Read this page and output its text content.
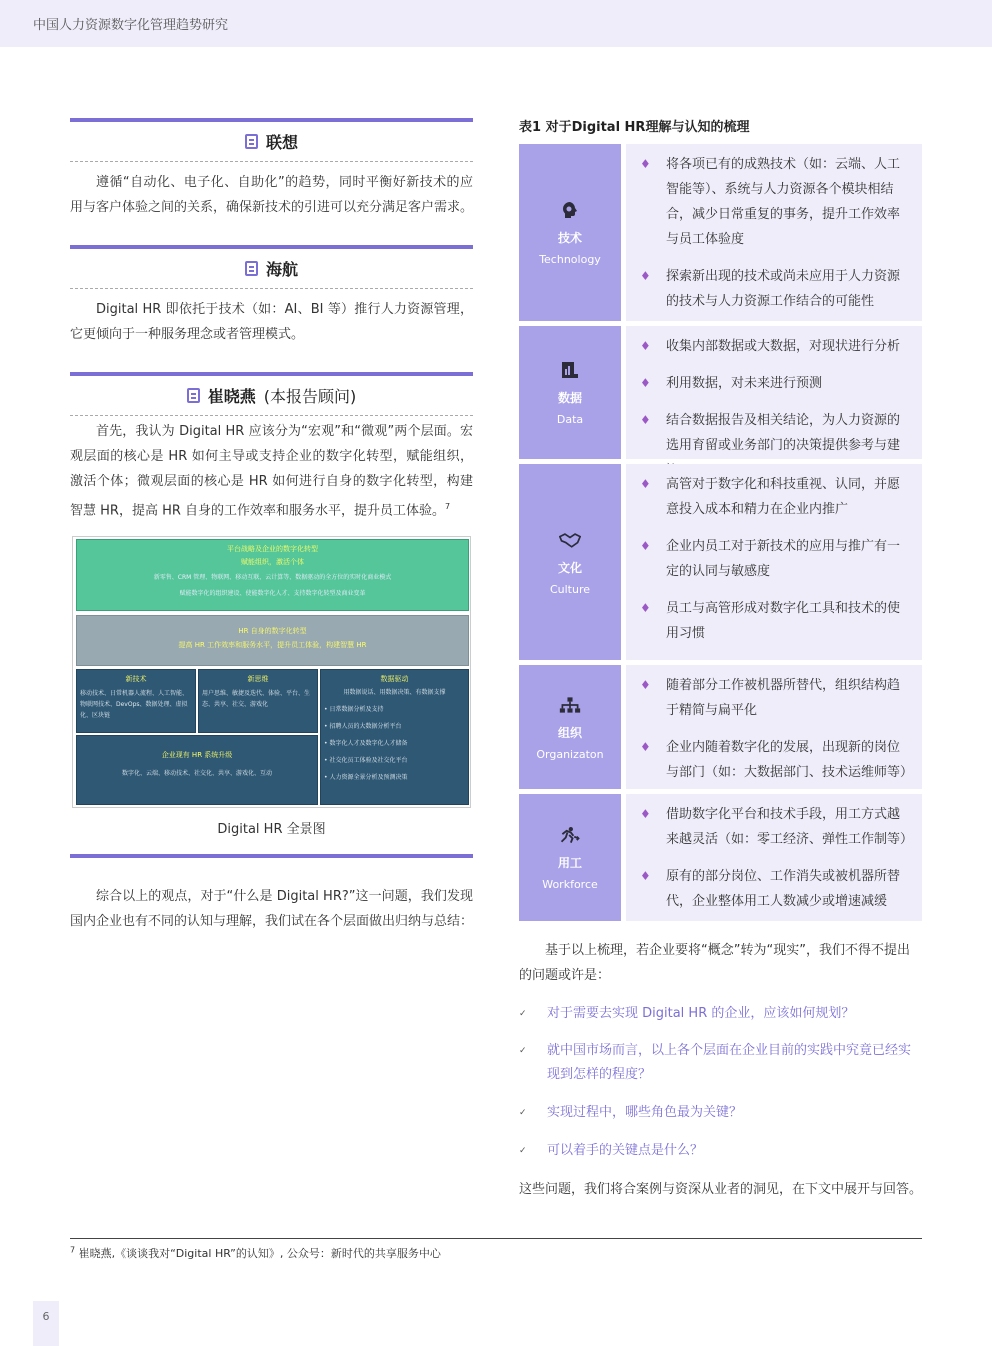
中国人力资源数字化管理趋势研究
联想

遵循“自动化、电子化、自助化”的趋势，同时平衡好新技术的应用与客户体验之间的关系，确保新技术的引进可以充分满足客户需求。

海航

Digital HR 即依托于技术（如：AI、BI 等）推行人力资源管理，它更倾向于一种服务理念或者管理模式。

崔晓燕 (本报告顾问)

首先，我认为 Digital HR 应该分为“宏观”和“微观”两个层面。宏观层面的核心是 HR 如何主导或支持企业的数字化转型，赋能组织，激活个体；微观层面的核心是 HR 如何进行自身的数字化转型，构建智慧 HR，提高 HR 自身的工作效率和服务水平，提升员工体验。$^7$

平台战略及企业的数字化转型
赋能组织，激活个体
新零售、CRM 管理、物联网、移动互联、云计算等、数据驱动的全方位的实时化商业模式
赋能数字化的组织建设、使能数字化人才、支持数字化转型及商业变革
HR 自身的数字化转型
提高 HR 工作效率和服务水平，提升员工体验，构建智慧 HR
新技术
移动技术、日常机器人流程、人工智能、物联网技术、DevOps、数据处理、虚拟化、区块链
新思维
用户思维、敏捷及迭代、体验、平台、生态、共享、社交、游戏化
数据驱动
用数据说话、用数据决策、有数据支撑
• 日常数据分析及支持
• 招聘人员的大数据分析平台
• 数字化人才及数字化人才储备
• 社交化员工体验及社交化平台
• 人力资源全景分析及预测决策
企业现有 HR 系统升级
数字化、云端、移动技术、社交化、共享、游戏化、互动
Digital HR 全景图

综合以上的观点，对于“什么是 Digital HR?”这一问题，我们发现国内企业也有不同的认知与理解，我们试在各个层面做出归纳与总结：

表1 对于Digital HR理解与认知的梳理
技术
Technology
♦ 将各项已有的成熟技术（如：云端、人工智能等）、系统与人力资源各个模块相结合，减少日常重复的事务，提升工作效率与员工体验度
♦ 探索新出现的技术或尚未应用于人力资源的技术与人力资源工作结合的可能性
数据
Data
♦ 收集内部数据或大数据，对现状进行分析
♦ 利用数据，对未来进行预测
♦ 结合数据报告及相关结论，为人力资源的选用育留或业务部门的决策提供参考与建
文化
Culture
♦ 高管对于数字化和科技重视、认同，并愿意投入成本和精力在企业内推广
♦ 企业内员工对于新技术的应用与推广有一定的认同与敏感度
♦ 员工与高管形成对数字化工具和技术的使用习惯
组织
Organizaton
♦ 随着部分工作被机器所替代，组织结构趋于精简与扁平化
♦ 企业内随着数字化的发展，出现新的岗位与部门（如：大数据部门、技术运维师等）
用工
Workforce
♦ 借助数字化平台和技术手段，用工方式越来越灵活（如：零工经济、弹性工作制等）
♦ 原有的部分岗位、工作消失或被机器所替代，企业整体用工人数减少或增速减缓

基于以上梳理，若企业要将“概念”转为“现实”，我们不得不提出的问题或许是：

✓ 对于需要去实现 Digital HR 的企业，应该如何规划？
✓ 就中国市场而言，以上各个层面在企业目前的实践中究竟已经实现到怎样的程度？
✓ 实现过程中，哪些角色最为关键？
✓ 可以着手的关键点是什么？

这些问题，我们将合案例与资深从业者的洞见，在下文中展开与回答。

$^7$ 崔晓燕,《谈谈我对“Digital HR”的认知》, 公众号：新时代的共享服务中心
6
